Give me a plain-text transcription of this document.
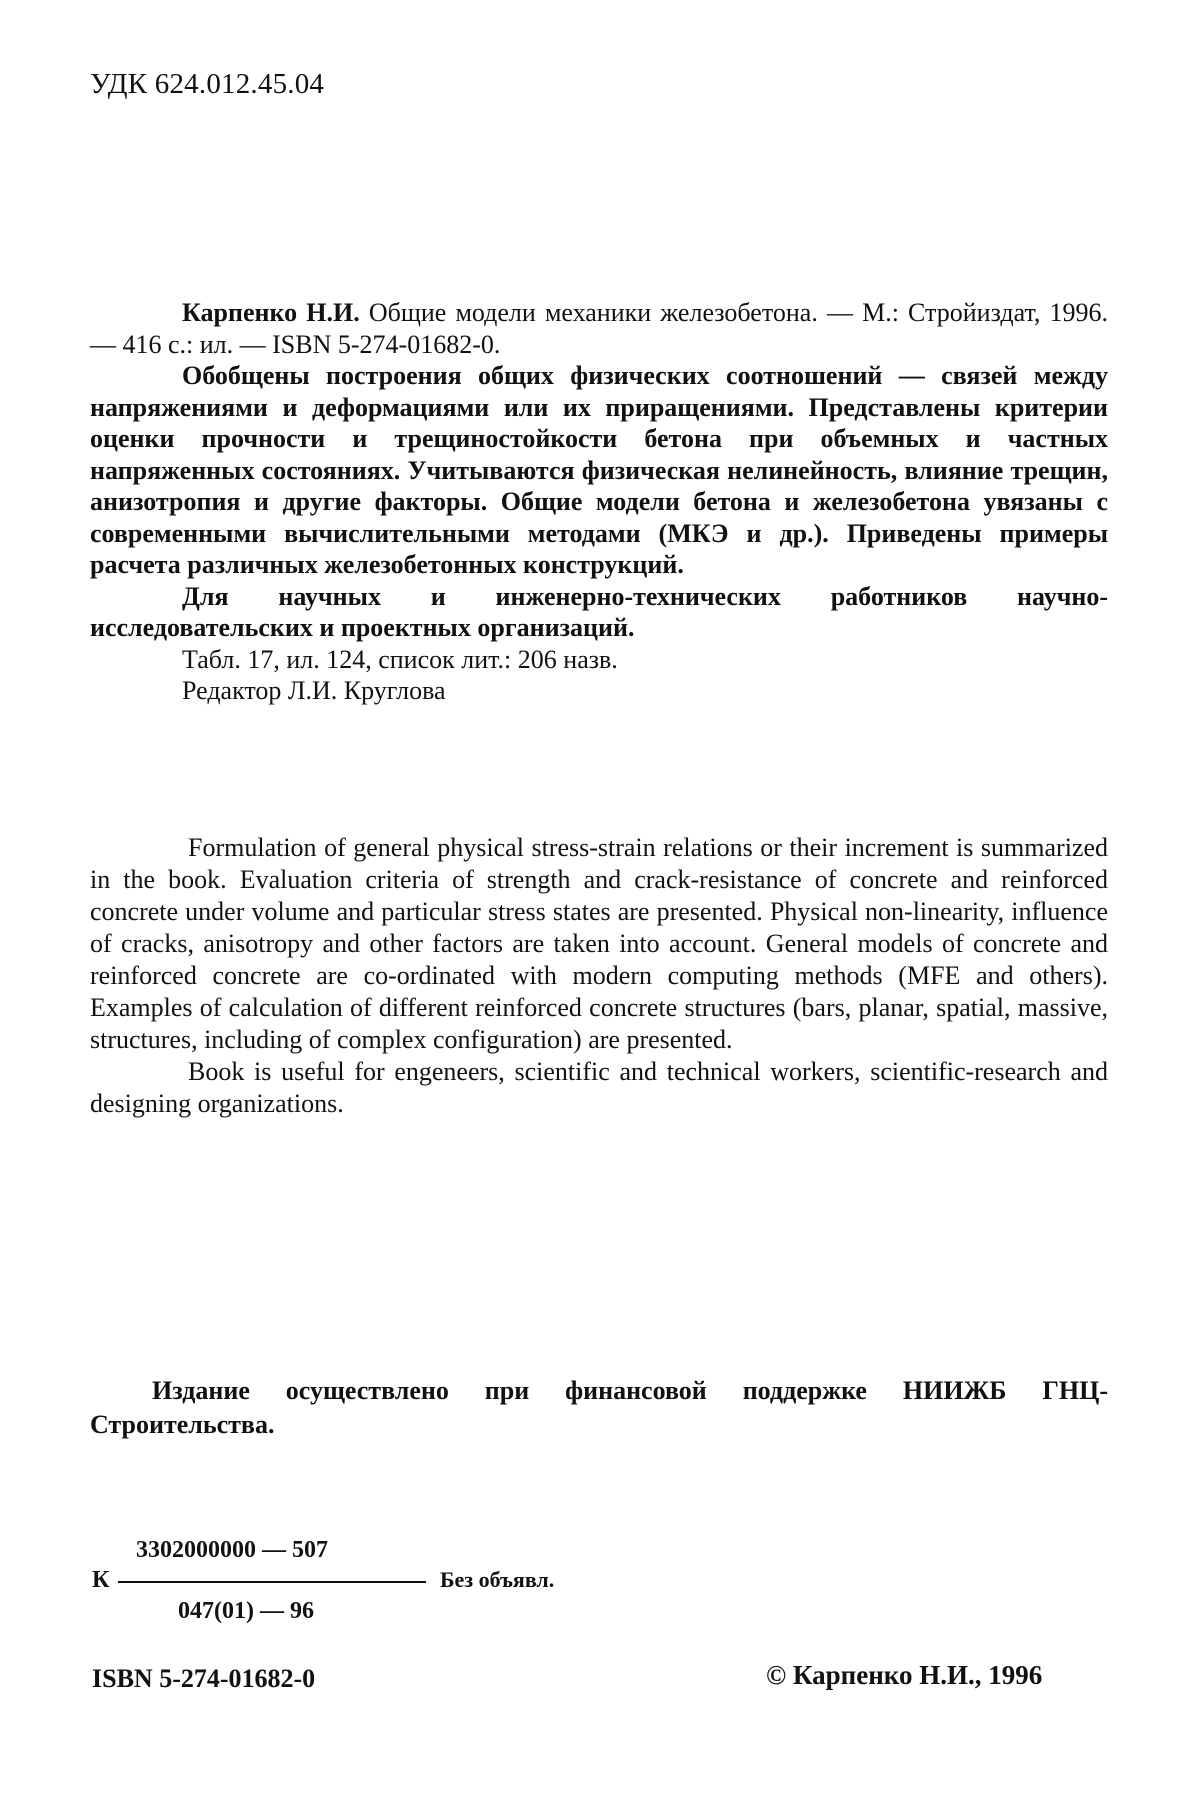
УДК 624.012.45.04

Карпенко Н.И. Общие модели механики железобетона. — М.: Стройиздат, 1996. — 416 с.: ил. — ISBN 5-274-01682-0.

Обобщены построения общих физических соотношений — связей между напряжениями и деформациями или их приращениями. Представлены критерии оценки прочности и трещиностойкости бетона при объемных и частных напряженных состояниях. Учитываются физическая нелинейность, влияние трещин, анизотропия и другие факторы. Общие модели бетона и железобетона увязаны с современными вычислительными методами (МКЭ и др.). Приведены примеры расчета различных железобетонных конструкций.

Для научных и инженерно-технических работников научно-исследовательских и проектных организаций.

Табл. 17, ил. 124, список лит.: 206 назв.

Редактор Л.И. Круглова

Formulation of general physical stress-strain relations or their increment is summarized in the book. Evaluation criteria of strength and crack-resistance of concrete and reinforced concrete under volume and particular stress states are presented. Physical non-linearity, influence of cracks, anisotropy and other factors are taken into account. General models of concrete and reinforced concrete are co-ordinated with modern computing methods (MFE and others). Examples of calculation of different reinforced concrete structures (bars, planar, spatial, massive, structures, including of complex configuration) are presented.

Book is useful for engeneers, scientific and technical workers, scientific-research and designing organizations.

Издание осуществлено при финансовой поддержке НИИЖБ ГНЦ-Строительства.

3302000000 — 507
К	Без объявл.
047(01) — 96
ISBN 5-274-01682-0	© Карпенко Н.И., 1996
